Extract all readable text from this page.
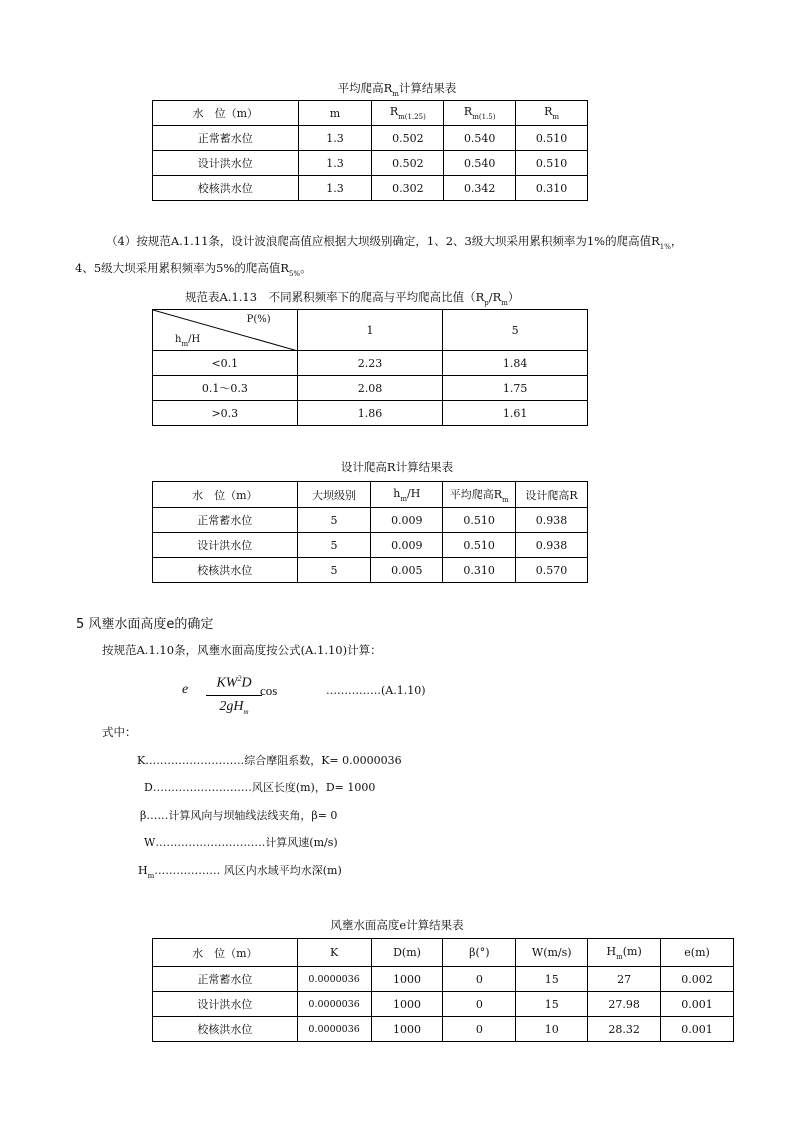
平均爬高$R_m$计算结果表
水　位（m）	m	$R_{m(1.25)}$	$R_{m(1.5)}$	$R_m$
正常蓄水位	1.3	0.502	0.540	0.510
设计洪水位	1.3	0.502	0.540	0.510
校核洪水位	1.3	0.302	0.342	0.310
（4）按规范A.1.11条，设计波浪爬高值应根据大坝级别确定，1、2、3级大坝采用累积频率为1%的爬高值$R_{1\%}$，
4、5级大坝采用累积频率为5%的爬高值$R_{5\%}$。
规范表A.1.13　不同累积频率下的爬高与平均爬高比值$(R_p/R_m)$
P(%)
$h_m/H$	1	5
<0.1	2.23	1.84
0.1～0.3	2.08	1.75
>0.3	1.86	1.61
设计爬高R计算结果表
水　位（m）	大坝级别	$h_m/H$	平均爬高$R_m$	设计爬高R
正常蓄水位	5	0.009	0.510	0.938
设计洪水位	5	0.009	0.510	0.938
校核洪水位	5	0.005	0.310	0.570
5 风壅水面高度e的确定
按规范A.1.10条，风壅水面高度按公式(A.1.10)计算：
e	$KW^2D$
$2gH_m$
cos	……………(A.1.10)
式中：
K………………………综合摩阻系数，K= 0.0000036
D………………………风区长度(m)，D= 1000
β……计算风向与坝轴线法线夹角，β= 0
W…………………………计算风速(m/s)
$H_m\dots\dots\dots\dots\dots\dots$ 风区内水域平均水深(m)
风壅水面高度e计算结果表
水　位（m）	K	D(m)	β(°)	W(m/s)	$H_m(m)$	e(m)
正常蓄水位	0.0000036	1000	0	15	27	0.002
设计洪水位	0.0000036	1000	0	15	27.98	0.001
校核洪水位	0.0000036	1000	0	10	28.32	0.001
